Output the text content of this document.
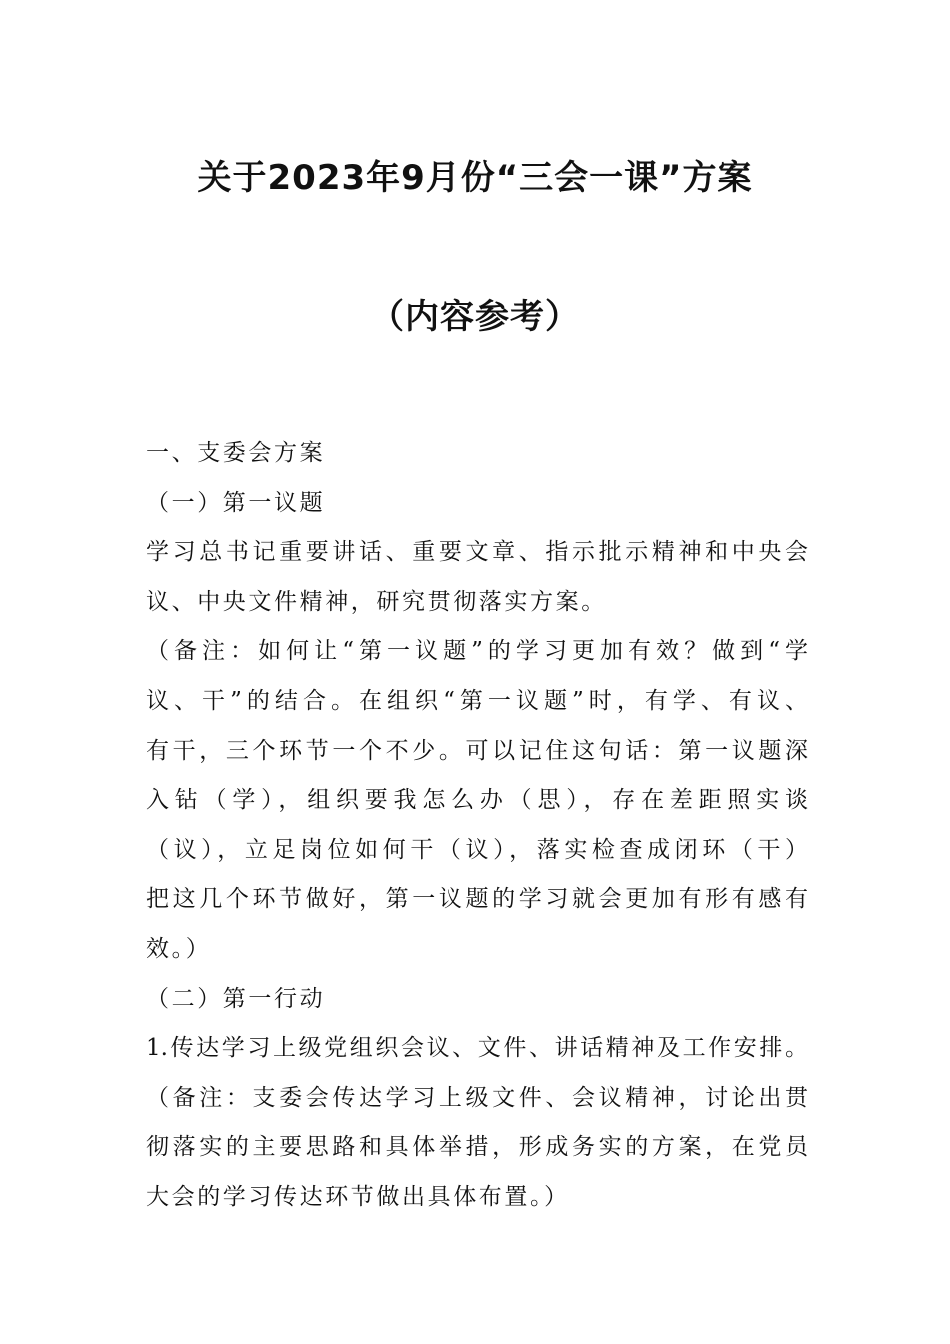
关于2023年9月份“三会一课”方案
（内容参考）
一、支委会方案
（一）第一议题
学习总书记重要讲话、重要文章、指示批示精神和中央会
议、中央文件精神，研究贯彻落实方案。
（备注：如何让“第一议题”的学习更加有效？做到“学
议、干”的结合。在组织“第一议题”时，有学、有议、
有干，三个环节一个不少。可以记住这句话：第一议题深
入钻（学），组织要我怎么办（思），存在差距照实谈
（议），立足岗位如何干（议），落实检查成闭环（干）
把这几个环节做好，第一议题的学习就会更加有形有感有
效。）
（二）第一行动
1.传达学习上级党组织会议、文件、讲话精神及工作安排。
（备注：支委会传达学习上级文件、会议精神，讨论出贯
彻落实的主要思路和具体举措，形成务实的方案，在党员
大会的学习传达环节做出具体布置。）
